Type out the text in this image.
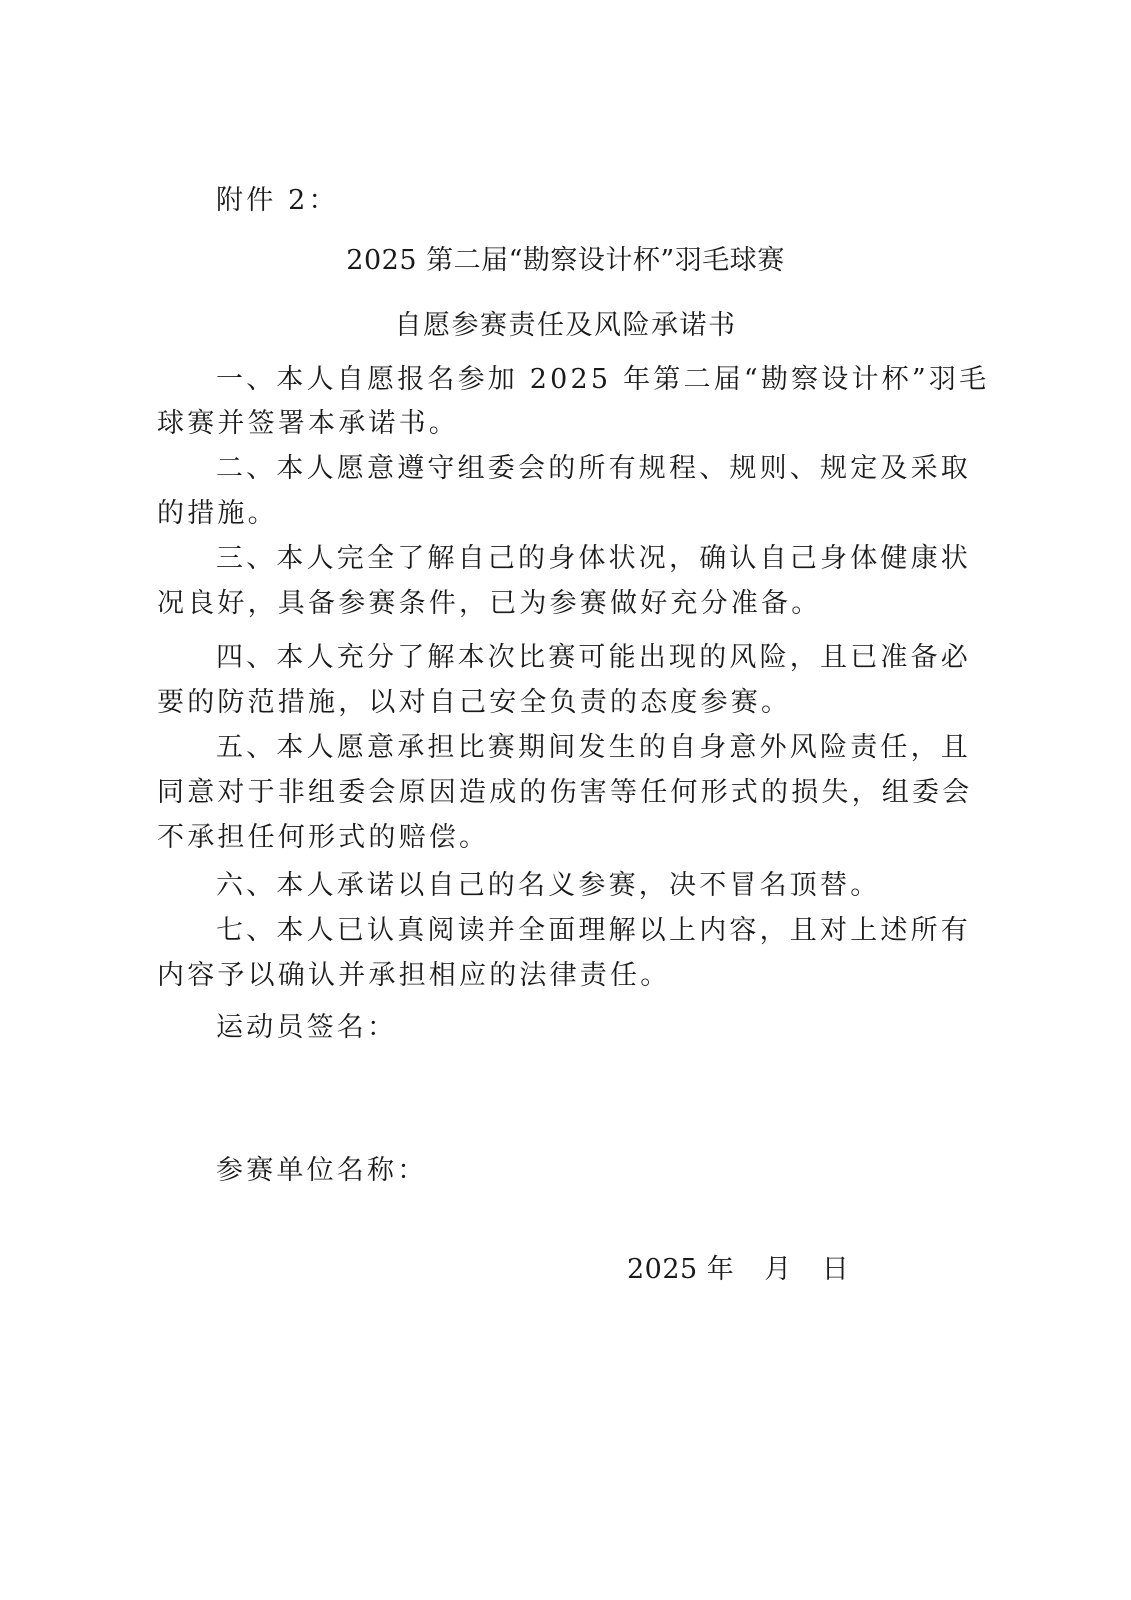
附件 2：
2025 第二届“勘察设计杯”羽毛球赛
自愿参赛责任及风险承诺书
一、本人自愿报名参加 2025 年第二届“勘察设计杯”羽毛
球赛并签署本承诺书。
二、本人愿意遵守组委会的所有规程、规则、规定及采取
的措施。
三、本人完全了解自己的身体状况，确认自己身体健康状
况良好，具备参赛条件，已为参赛做好充分准备。
四、本人充分了解本次比赛可能出现的风险，且已准备必
要的防范措施，以对自己安全负责的态度参赛。
五、本人愿意承担比赛期间发生的自身意外风险责任，且
同意对于非组委会原因造成的伤害等任何形式的损失，组委会
不承担任何形式的赔偿。
六、本人承诺以自己的名义参赛，决不冒名顶替。
七、本人已认真阅读并全面理解以上内容，且对上述所有
内容予以确认并承担相应的法律责任。
运动员签名：
参赛单位名称：
2025 年 月 日
